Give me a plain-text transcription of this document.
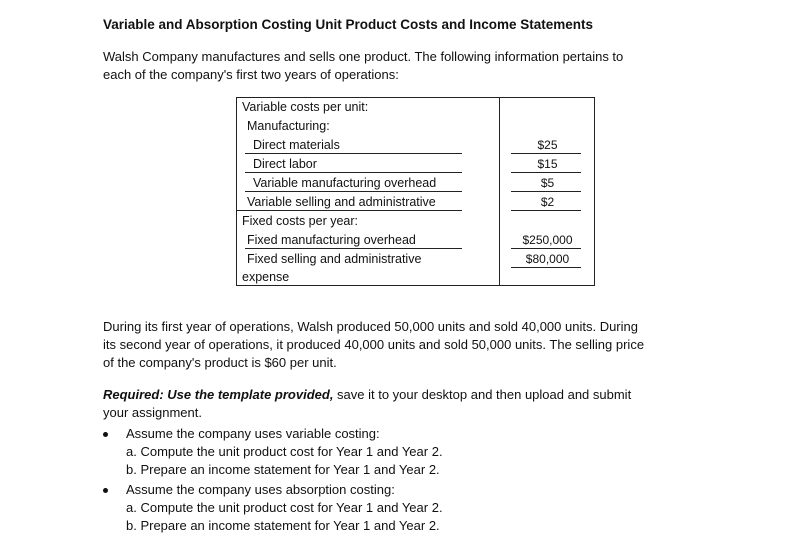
Variable and Absorption Costing Unit Product Costs and Income Statements
Walsh Company manufactures and sells one product. The following information pertains to
each of the company's first two years of operations:
Variable costs per unit:
Manufacturing:
Direct materials	$25
Direct labor	$15
Variable manufacturing overhead	$5
Variable selling and administrative	$2
Fixed costs per year:
Fixed manufacturing overhead	$250,000
Fixed selling and administrative	$80,000
expense
During its first year of operations, Walsh produced 50,000 units and sold 40,000 units. During
its second year of operations, it produced 40,000 units and sold 50,000 units. The selling price
of the company's product is $60 per unit.
Required: Use the template provided, save it to your desktop and then upload and submit
your assignment.
Assume the company uses variable costing:
a. Compute the unit product cost for Year 1 and Year 2.
b. Prepare an income statement for Year 1 and Year 2.
Assume the company uses absorption costing:
a. Compute the unit product cost for Year 1 and Year 2.
b. Prepare an income statement for Year 1 and Year 2.
